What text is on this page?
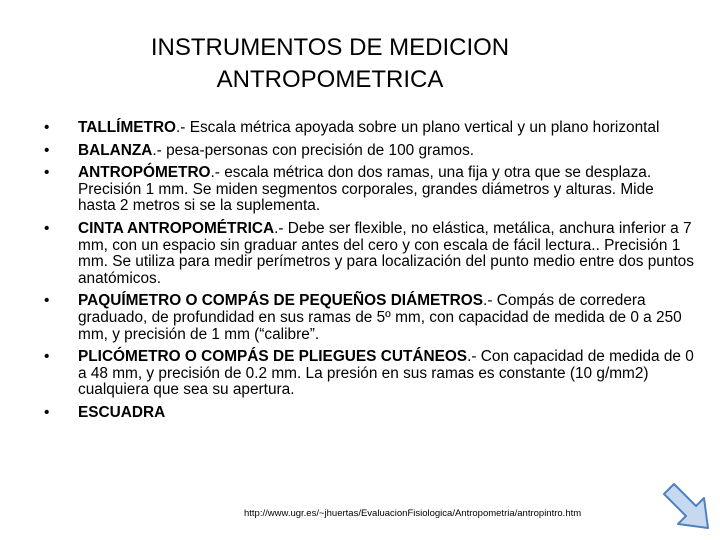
INSTRUMENTOS DE MEDICION
ANTROPOMETRICA
•	TALLÍMETRO.- Escala métrica apoyada sobre un plano vertical y un plano horizontal
•	BALANZA.- pesa-personas con precisión de 100 gramos.
•	ANTROPÓMETRO.- escala métrica don dos ramas, una fija y otra que se desplaza. Precisión 1 mm. Se miden segmentos corporales, grandes diámetros y alturas. Mide hasta 2 metros si se la suplementa.
•	CINTA ANTROPOMÉTRICA.- Debe ser flexible, no elástica, metálica, anchura inferior a 7 mm, con un espacio sin graduar antes del cero y con escala de fácil lectura.. Precisión 1 mm. Se utiliza para medir perímetros y para localización del punto medio entre dos puntos anatómicos.
•	PAQUÍMETRO O COMPÁS DE PEQUEÑOS DIÁMETROS.- Compás de corredera graduado, de profundidad en sus ramas de 5º mm, con capacidad de medida de 0 a 250 mm, y precisión de 1 mm (“calibre”.
•	PLICÓMETRO O COMPÁS DE PLIEGUES CUTÁNEOS.- Con capacidad de medida de 0 a 48 mm, y precisión de 0.2 mm. La presión en sus ramas es constante (10 g/mm2) cualquiera que sea su apertura.
•	ESCUADRA
http://www.ugr.es/~jhuertas/EvaluacionFisiologica/Antropometria/antropintro.htm
